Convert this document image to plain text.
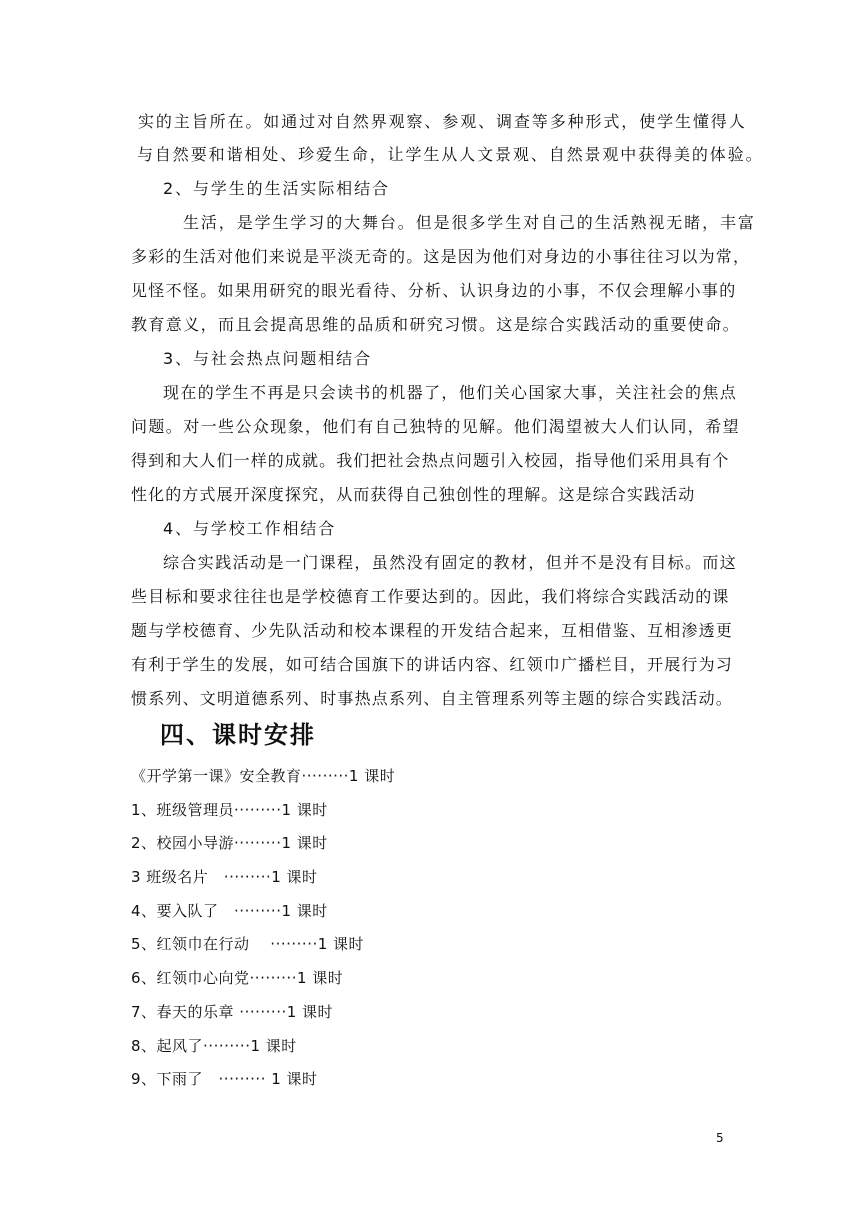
实的主旨所在。如通过对自然界观察、参观、调查等多种形式，使学生懂得人
与自然要和谐相处、珍爱生命，让学生从人文景观、自然景观中获得美的体验。
2、与学生的生活实际相结合
生活，是学生学习的大舞台。但是很多学生对自己的生活熟视无睹，丰富
多彩的生活对他们来说是平淡无奇的。这是因为他们对身边的小事往往习以为常，
见怪不怪。如果用研究的眼光看待、分析、认识身边的小事，不仅会理解小事的
教育意义，而且会提高思维的品质和研究习惯。这是综合实践活动的重要使命。
3、与社会热点问题相结合
现在的学生不再是只会读书的机器了，他们关心国家大事，关注社会的焦点
问题。对一些公众现象，他们有自己独特的见解。他们渴望被大人们认同，希望
得到和大人们一样的成就。我们把社会热点问题引入校园，指导他们采用具有个
性化的方式展开深度探究，从而获得自己独创性的理解。这是综合实践活动
4、与学校工作相结合
综合实践活动是一门课程，虽然没有固定的教材，但并不是没有目标。而这
些目标和要求往往也是学校德育工作要达到的。因此，我们将综合实践活动的课
题与学校德育、少先队活动和校本课程的开发结合起来，互相借鉴、互相渗透更
有利于学生的发展，如可结合国旗下的讲话内容、红领巾广播栏目，开展行为习
惯系列、文明道德系列、时事热点系列、自主管理系列等主题的综合实践活动。
四、课时安排
《开学第一课》安全教育·········1 课时
1、班级管理员·········1 课时
2、校园小导游·········1 课时
3 班级名片　·········1 课时
4、要入队了　·········1 课时
5、红领巾在行动　 ·········1 课时
6、红领巾心向党·········1 课时
7、春天的乐章 ·········1 课时
8、起风了·········1 课时
9、下雨了　········· 1 课时
5
